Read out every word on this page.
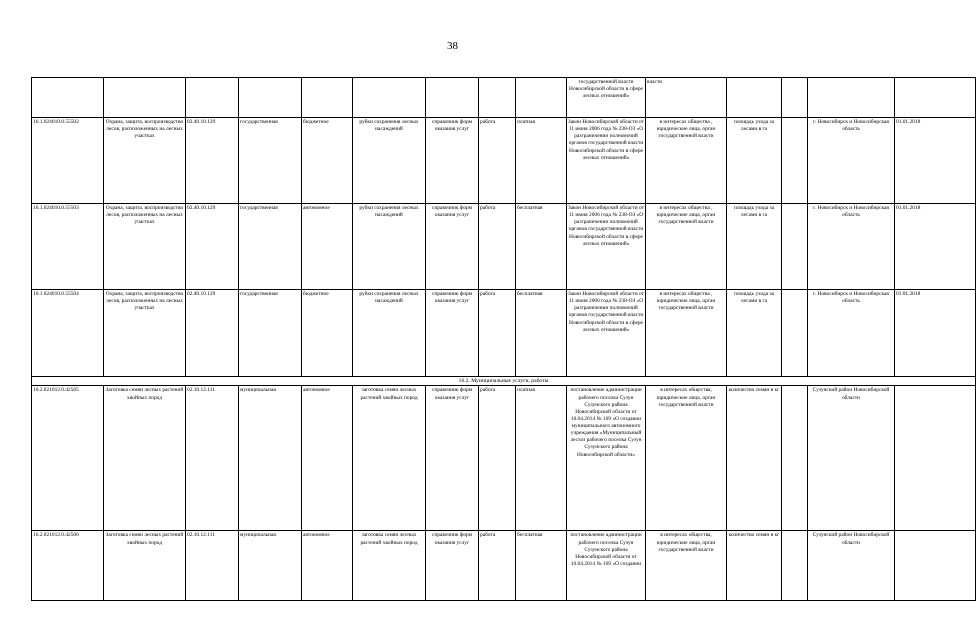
38
									государственной власти Новосибирской области в сфере лесных отношений»	власти				
16.1.024010.0.55502	Охрана, защита, воспроизводство лесов, расположенных на лесных участках	02.40.10.129	государственная	бюджетное	рубки сохранения лесных насаждений	справочник форм оказания услуг	работа	платная	Закон Новосибирской области от 11 июня 2006 года № 238-ОЗ «О разграничении полномочий органов государственной власти Новосибирской области в сфере лесных отношений»	в интересах общества , юридические лица, орган государственной власти	площадь ухода за лесами в га		г. Новосибирск и Новосибирская область	01.01.2018
16.1.024010.0.55503	Охрана, защита, воспроизводство лесов, расположенных на лесных участках	02.40.10.129	государственная	автономное	рубки сохранения лесных насаждений	справочник форм оказания услуг	работа	бесплатная	Закон Новосибирской области от 11 июня 2006 года № 238-ОЗ «О разграничении полномочий органов государственной власти Новосибирской области в сфере лесных отношений»	в интересах общества , юридические лица, орган государственной власти	площадь ухода за лесами в га		г. Новосибирск и Новосибирская область	01.01.2018
16.1.024010.0.55504	Охрана, защита, воспроизводство лесов, расположенных на лесных участках	02.40.10.129	государственная	бюджетное	рубки сохранения лесных насаждений	справочник форм оказания услуг	работа	бесплатная	Закон Новосибирской области от 11 июня 2006 года № 238-ОЗ «О разграничении полномочий органов государственной власти Новосибирской области в сфере лесных отношений»	в интересах общества , юридические лица, орган государственной власти	площадь ухода за лесами в га		г. Новосибирск и Новосибирская область	01.01.2018
16.2. Муниципальные услуги, работы														
16.2.021012.0.42505	Заготовка семян лесных растений хвойных пород	02.10.12.111	муниципальная	автономное	заготовка семян лесных растений хвойных пород	справочник форм оказания услуг	работа	платная	постановление администрации рабочего поселка Сузун Сузунского района Новосибирской области от 10.04.2014 № 169 «О создании муниципального автономного учреждения «Муниципальный лесхоз рабочего поселка Сузун Сузунского района Новосибирской области»	в интересах общества, юридические лица, орган государственной власти	количество семян в кг		Сузунский район Новосибирской области	
16.2.021012.0.42506	Заготовка семян лесных растений хвойных пород	02.10.12.111	муниципальная	автономное	заготовка семян лесных растений хвойных пород	справочник форм оказания услуг	работа	бесплатная	постановление администрации рабочего поселка Сузун Сузунского района Новосибирской области от 10.04.2014 № 169 «О создании	в интересах общества, юридические лица, орган государственной власти	количество семян в кг		Сузунский район Новосибирской области	
